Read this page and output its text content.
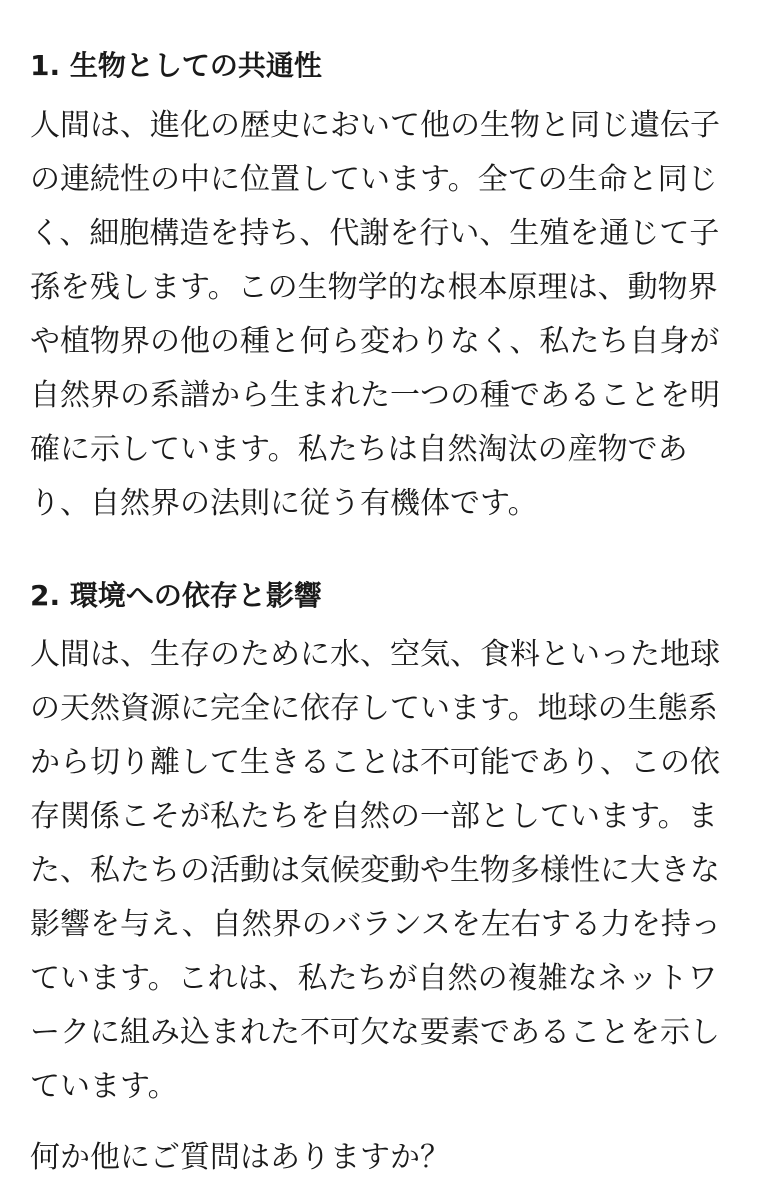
1. 生物としての共通性
人間は、進化の歴史において他の生物と同じ遺伝子
の連続性の中に位置しています。全ての生命と同じ
く、細胞構造を持ち、代謝を行い、生殖を通じて子
孫を残します。この生物学的な根本原理は、動物界
や植物界の他の種と何ら変わりなく、私たち自身が
自然界の系譜から生まれた一つの種であることを明
確に示しています。私たちは自然淘汰の産物であ
り、自然界の法則に従う有機体です。
2. 環境への依存と影響
人間は、生存のために水、空気、食料といった地球
の天然資源に完全に依存しています。地球の生態系
から切り離して生きることは不可能であり、この依
存関係こそが私たちを自然の一部としています。ま
た、私たちの活動は気候変動や生物多様性に大きな
影響を与え、自然界のバランスを左右する力を持っ
ています。これは、私たちが自然の複雑なネットワ
ークに組み込まれた不可欠な要素であることを示し
ています。

何か他にご質問はありますか？
